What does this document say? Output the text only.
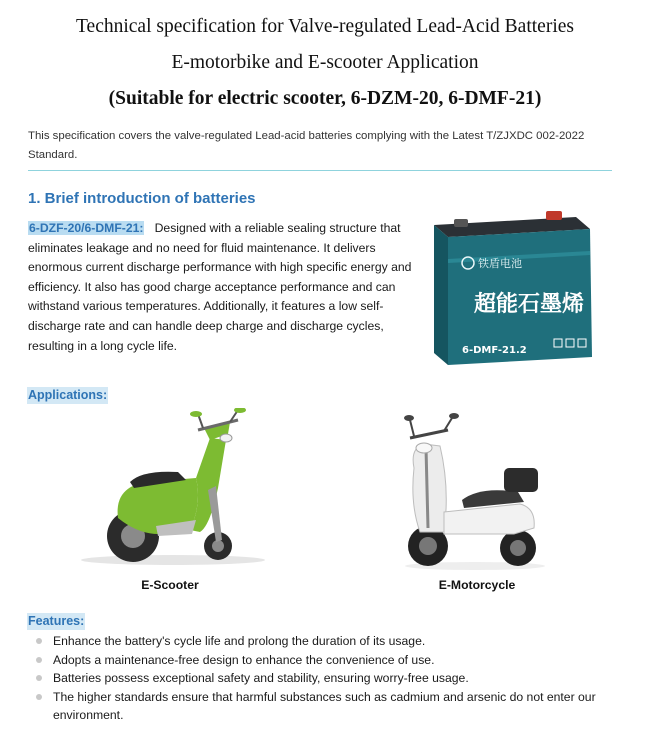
Technical specification for Valve-regulated Lead-Acid Batteries
E-motorbike and E-scooter Application
(Suitable for electric scooter, 6-DZM-20, 6-DMF-21)

This specification covers the valve-regulated Lead-acid batteries complying with the Latest T/ZJXDC 002-2022 Standard.

1. Brief introduction of batteries

6-DZF-20/6-DMF-21: Designed with a reliable sealing structure that eliminates leakage and no need for fluid maintenance. It delivers enormous current discharge performance with high specific energy and efficiency. It also has good charge acceptance performance and can withstand various temperatures. Additionally, it features a low self-discharge rate and can handle deep charge and discharge cycles, resulting in a long cycle life.

铁盾电池
超能石墨烯
6-DMF-21.2
Applications:
E-Scooter	E-Motorcycle
Features:
Enhance the battery's cycle life and prolong the duration of its usage.
Adopts a maintenance-free design to enhance the convenience of use.
Batteries possess exceptional safety and stability, ensuring worry-free usage.
The higher standards ensure that harmful substances such as cadmium and arsenic do not enter our environment.
